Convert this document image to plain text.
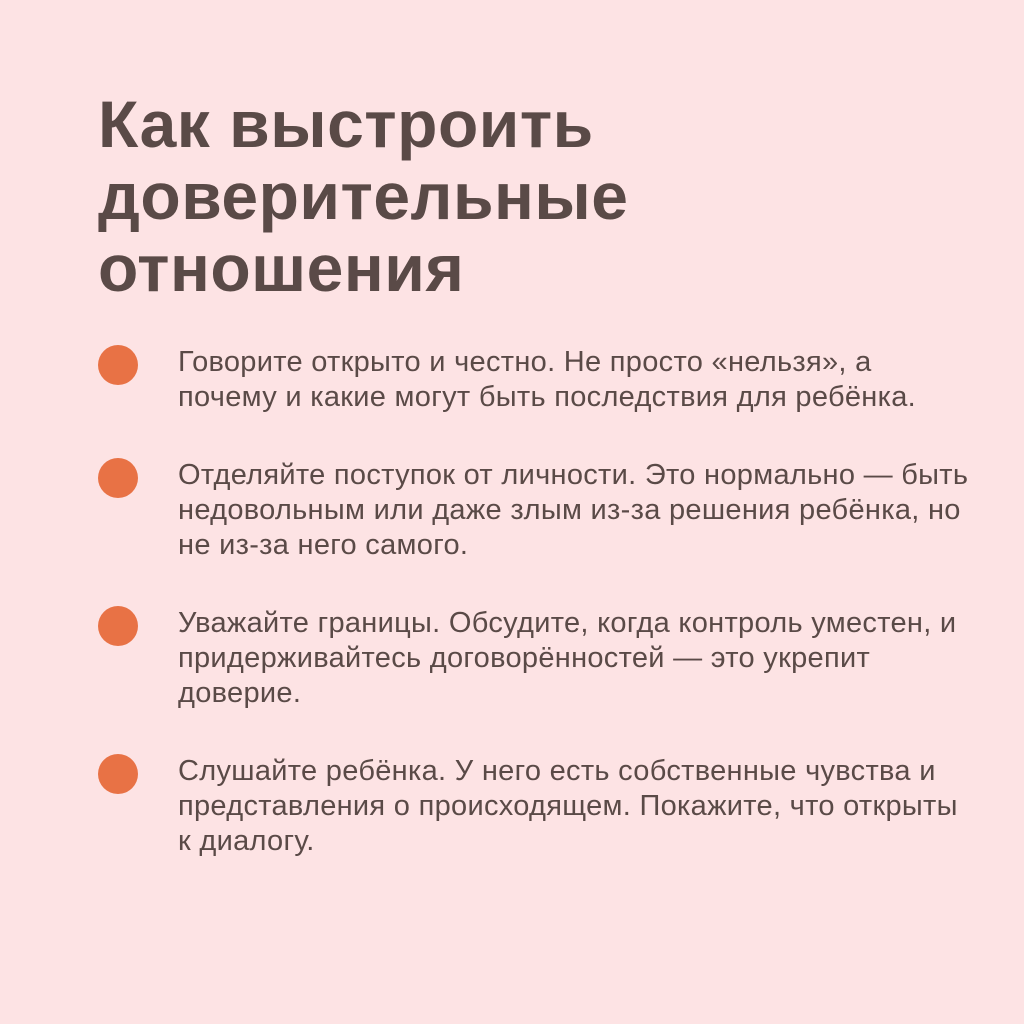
Как выстроить
доверительные
отношения
Говорите открыто и честно. Не просто «нельзя», а почему и какие могут быть последствия для ребёнка.
Отделяйте поступок от личности. Это нормально — быть недовольным или даже злым из-за решения ребёнка, но не из-за него самого.
Уважайте границы. Обсудите, когда контроль уместен, и придерживайтесь договорённостей — это укрепит доверие.
Слушайте ребёнка. У него есть собственные чувства и представления о происходящем. Покажите, что открыты к диалогу.
